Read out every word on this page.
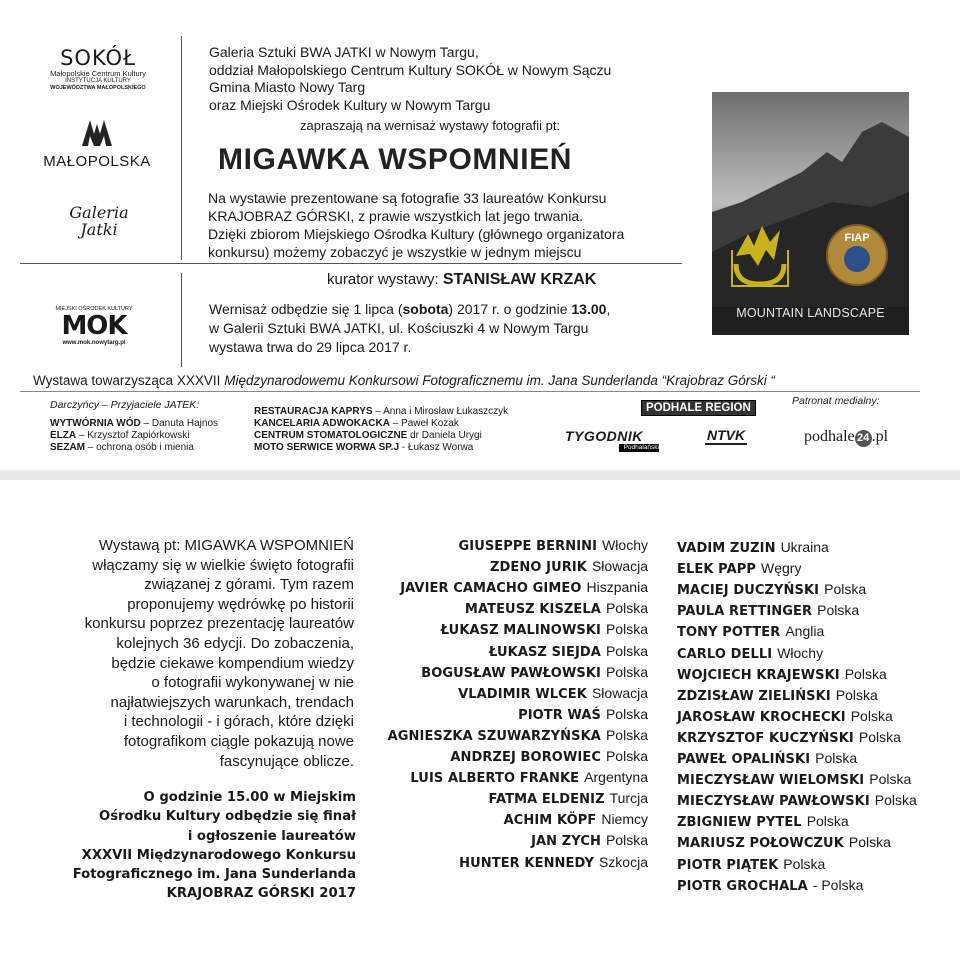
SOKÓŁ
Małopolskie Centrum Kultury
INSTYTUCJA KULTURY
WOJEWÓDZTWA MAŁOPOLSKIEGO
MAŁOPOLSKA
Galeria
Jatki
MIEJSKI OŚRODEK KULTURY
MOK
www.mok.nowytarg.pl

Galeria Sztuki BWA JATKI w Nowym Targu,

oddział Małopolskiego Centrum Kultury SOKÓŁ w Nowym Sączu

Gmina Miasto Nowy Targ

oraz Miejski Ośrodek Kultury w Nowym Targu

zapraszają na wernisaż wystawy fotografii pt:
MIGAWKA WSPOMNIEŃ

Na wystawie prezentowane są fotografie 33 laureatów Konkursu

KRAJOBRAZ GÓRSKI, z prawie wszystkich lat jego trwania.

Dzięki zbiorom Miejskiego Ośrodka Kultury (głównego organizatora

konkursu) możemy zobaczyć je wszystkie w jednym miejscu

kurator wystawy: STANISŁAW KRZAK
Wernisaż odbędzie się 1 lipca (sobota) 2017 r. o godzinie 13.00,
w Galerii Sztuki BWA JATKI, ul. Kościuszki 4 w Nowym Targu
wystawa trwa do 29 lipca 2017 r.
FIAP
MOUNTAIN LANDSCAPE
Wystawa towarzysząca XXXVII Międzynarodowemu Konkursowi Fotograficznemu im. Jana Sunderlanda “Krajobraz Górski “
Darczyńcy – Przyjaciele JATEK:
WYTWÓRNIA WÓD – Danuta Hajnos
ELZA – Krzysztof Zapiórkowski
SEZAM – ochrona osób i mienia
RESTAURACJA KAPRYS – Anna i Mirosław Łukaszczyk
KANCELARIA ADWOKACKA – Paweł Kozak
CENTRUM STOMATOLOGICZNE dr Daniela Urygi
MOTO SERWICE WORWA SP.J - Łukasz Worwa
PODHALE REGION
Patronat medialny:
TYGODNIK
Podhalański
NTVK	podhale 24 .pl

Wystawą pt: MIGAWKA WSPOMNIEŃ

włączamy się w wielkie święto fotografii

związanej z górami. Tym razem

proponujemy wędrówkę po historii

konkursu poprzez prezentację laureatów

kolejnych 36 edycji. Do zobaczenia,

będzie ciekawe kompendium wiedzy

o fotografii wykonywanej w nie

najłatwiejszych warunkach, trendach

i technologii - i górach, które dzięki

fotografikom ciągle pokazują nowe

fascynujące oblicze.

O godzinie 15.00 w Miejskim

Ośrodku Kultury odbędzie się finał

i ogłoszenie laureatów

XXXVII Międzynarodowego Konkursu

Fotograficznego im. Jana Sunderlanda

KRAJOBRAZ GÓRSKI 2017

GIUSEPPE BERNINI Włochy
ZDENO JURIK Słowacja
JAVIER CAMACHO GIMEO Hiszpania
MATEUSZ KISZELA Polska
ŁUKASZ MALINOWSKI Polska
ŁUKASZ SIEJDA Polska
BOGUSŁAW PAWŁOWSKI Polska
VLADIMIR WLCEK Słowacja
PIOTR WAŚ Polska
AGNIESZKA SZUWARZYŃSKA Polska
ANDRZEJ BOROWIEC Polska
LUIS ALBERTO FRANKE Argentyna
FATMA ELDENIZ Turcja
ACHIM KÖPF Niemcy
JAN ZYCH Polska
HUNTER KENNEDY Szkocja
VADIM ZUZIN Ukraina
ELEK PAPP Węgry
MACIEJ DUCZYŃSKI Polska
PAULA RETTINGER Polska
TONY POTTER Anglia
CARLO DELLI Włochy
WOJCIECH KRAJEWSKI Polska
ZDZISŁAW ZIELIŃSKI Polska
JAROSŁAW KROCHECKI Polska
KRZYSZTOF KUCZYŃSKI Polska
PAWEŁ OPALIŃSKI Polska
MIECZYSŁAW WIELOMSKI Polska
MIECZYSŁAW PAWŁOWSKI Polska
ZBIGNIEW PYTEL Polska
MARIUSZ POŁOWCZUK Polska
PIOTR PIĄTEK Polska
PIOTR GROCHALA - Polska
